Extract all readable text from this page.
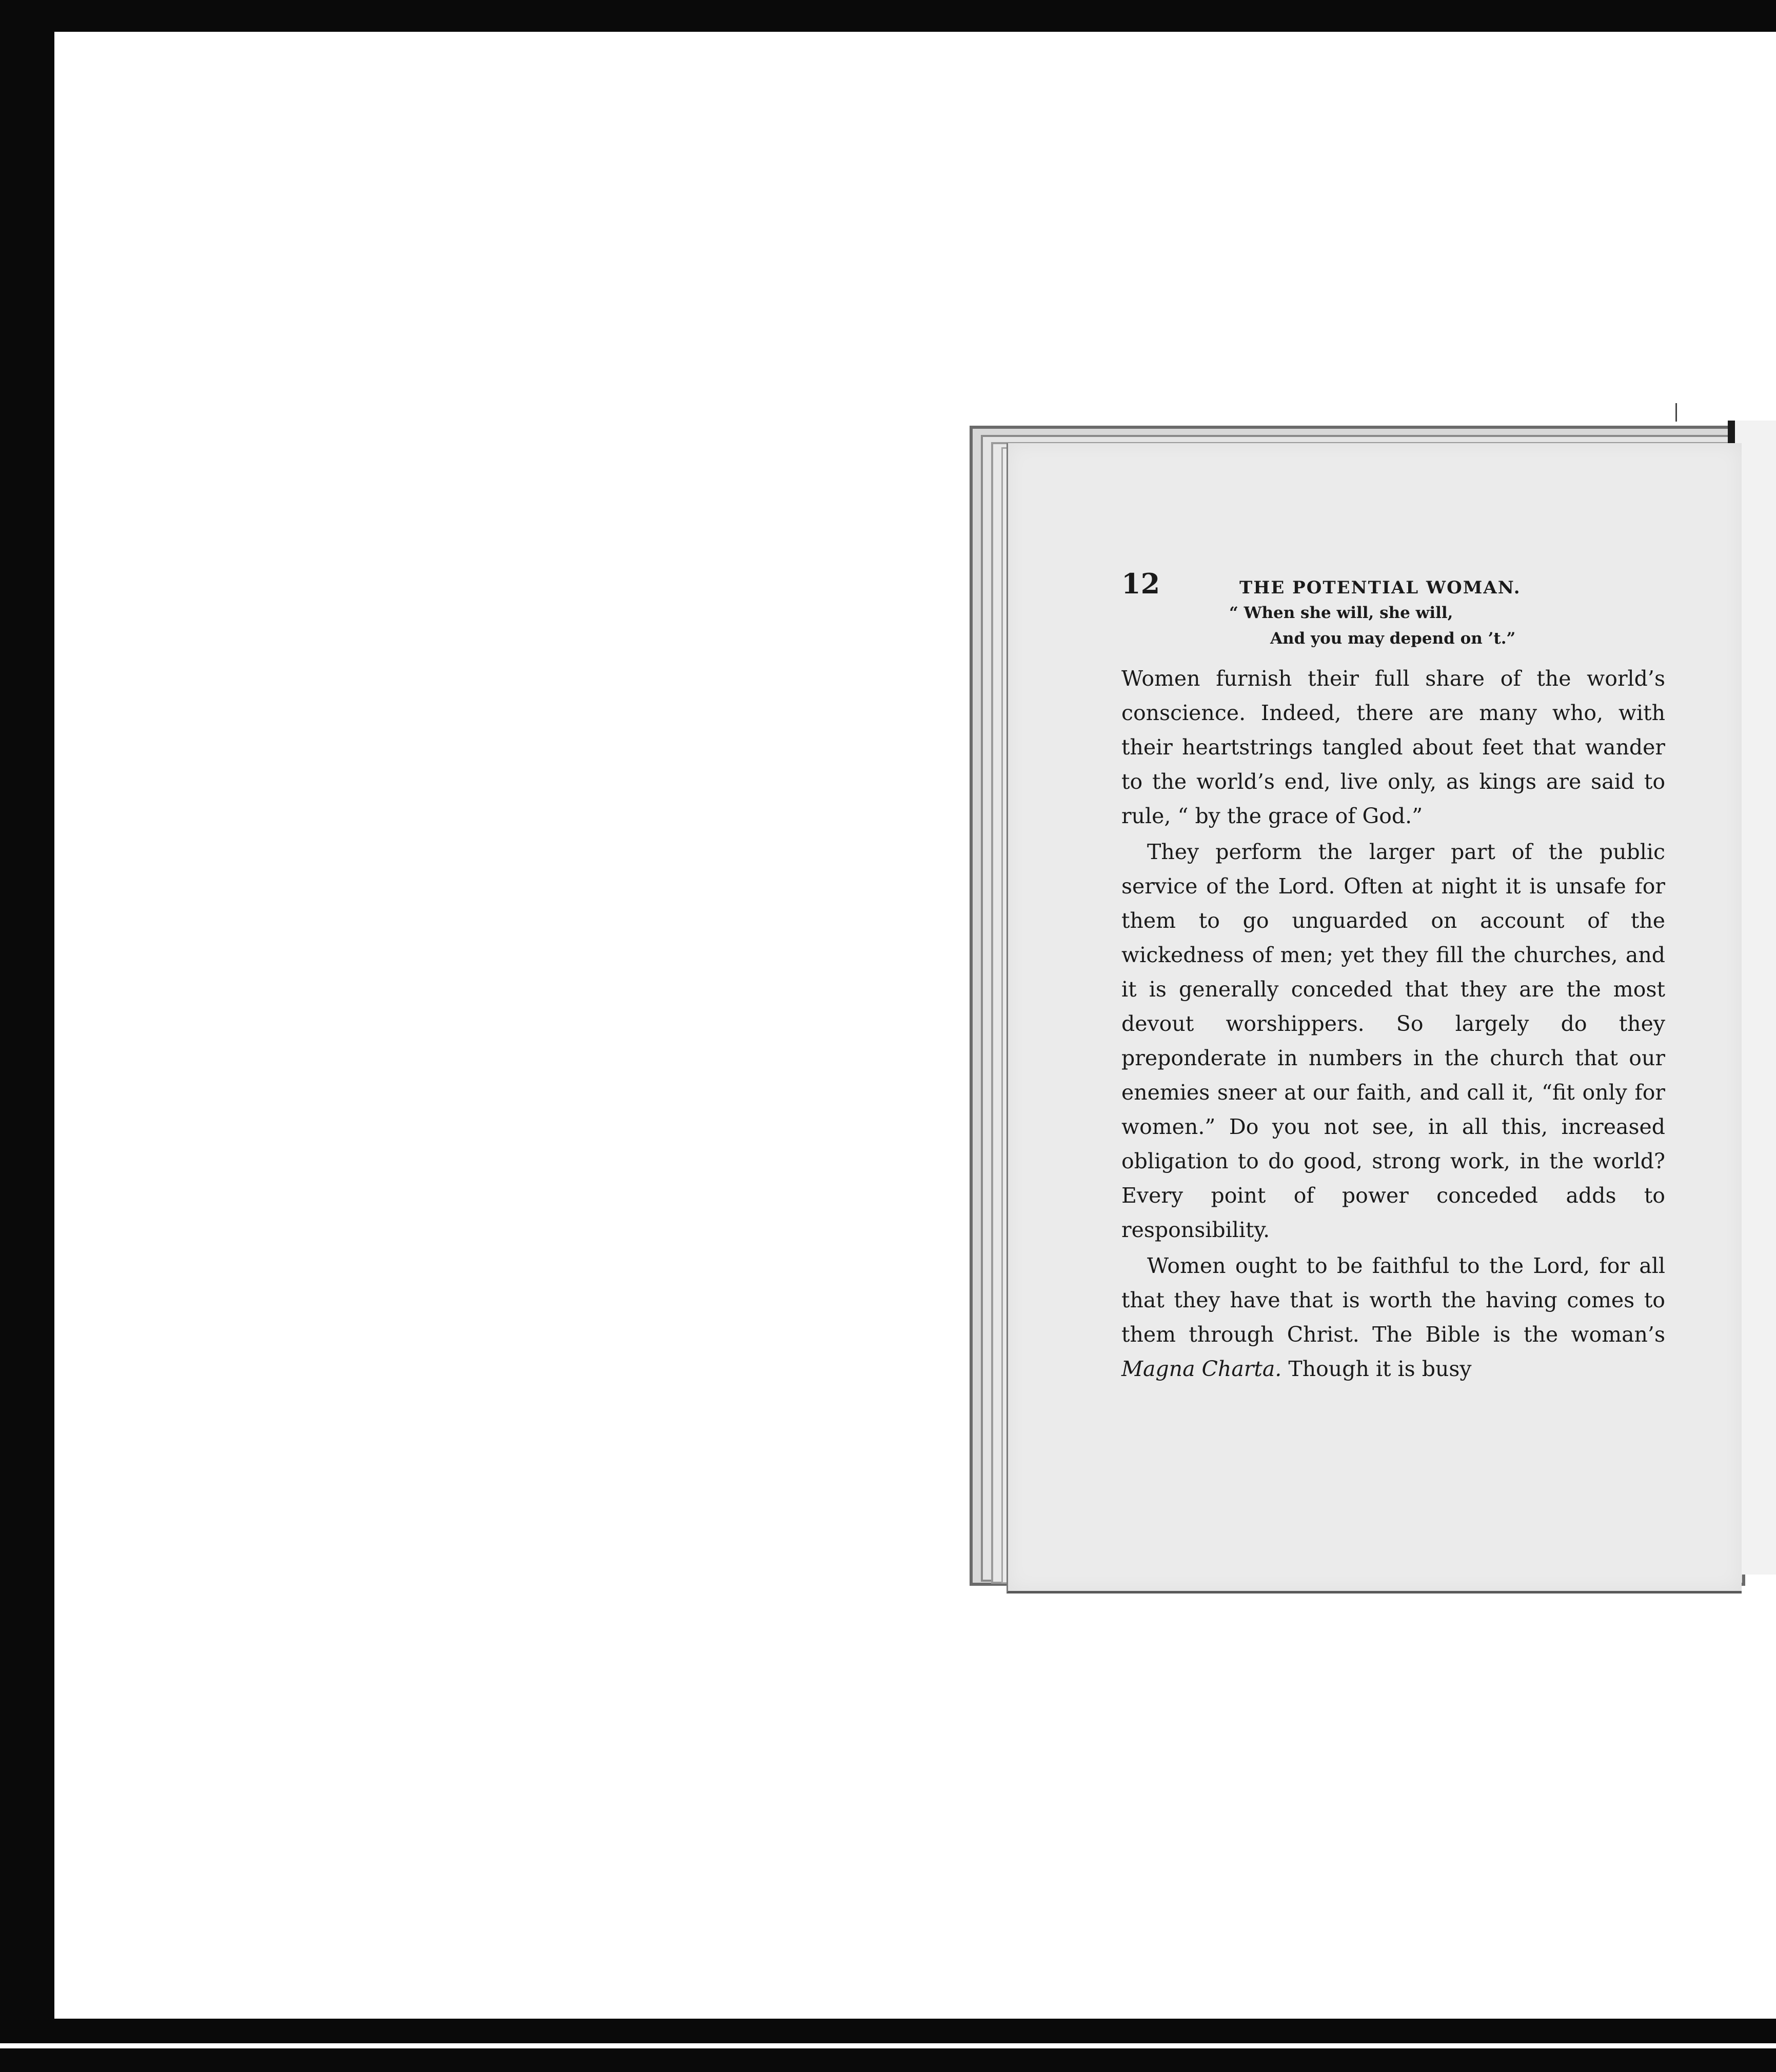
12	THE POTENTIAL WOMAN.
“ When she will, she will,
And you may depend on ’t.”

Women furnish their full share of the world’s conscience. Indeed, there are many who, with their heartstrings tangled about feet that wander to the world’s end, live only, as kings are said to rule, “ by the grace of God.”

They perform the larger part of the public service of the Lord. Often at night it is unsafe for them to go unguarded on account of the wickedness of men; yet they fill the churches, and it is generally conceded that they are the most devout worshippers. So largely do they preponderate in numbers in the church that our enemies sneer at our faith, and call it, “fit only for women.” Do you not see, in all this, increased obligation to do good, strong work, in the world? Every point of power conceded adds to responsibility.

Women ought to be faithful to the Lord, for all that they have that is worth the having comes to them through Christ. The Bible is the woman’s Magna Charta. Though it is busy
